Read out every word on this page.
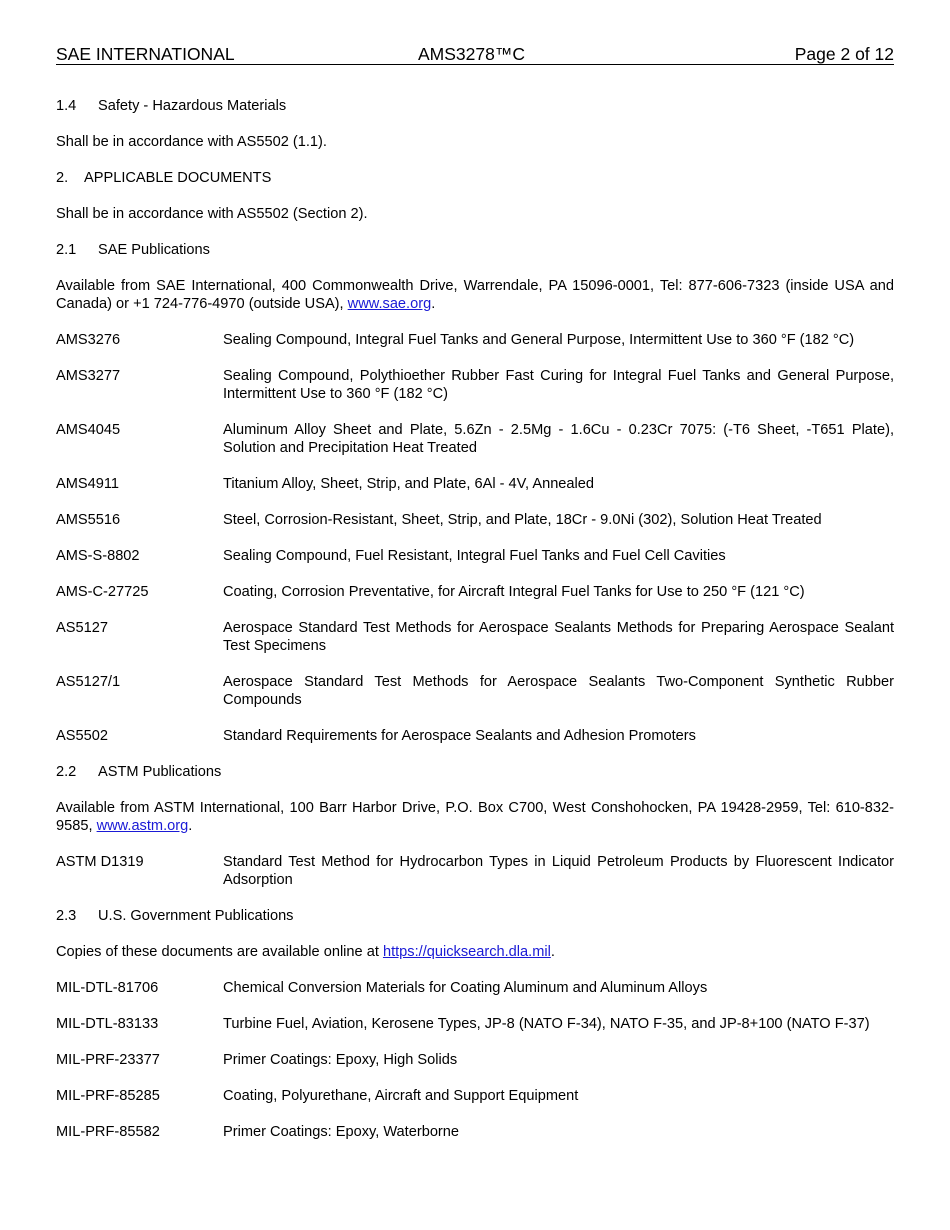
SAE INTERNATIONAL	AMS3278™C	Page 2 of 12

1.4 Safety - Hazardous Materials

Shall be in accordance with AS5502 (1.1).

2. APPLICABLE DOCUMENTS

Shall be in accordance with AS5502 (Section 2).

2.1 SAE Publications

Available from SAE International, 400 Commonwealth Drive, Warrendale, PA 15096-0001, Tel: 877-606-7323 (inside USA and Canada) or +1 724-776-4970 (outside USA), www.sae.org.

AMS3276	Sealing Compound, Integral Fuel Tanks and General Purpose, Intermittent Use to 360 °F (182 °C)
AMS3277	Sealing Compound, Polythioether Rubber Fast Curing for Integral Fuel Tanks and General Purpose, Intermittent Use to 360 °F (182 °C)
AMS4045	Aluminum Alloy Sheet and Plate, 5.6Zn - 2.5Mg - 1.6Cu - 0.23Cr 7075: (-T6 Sheet, -T651 Plate), Solution and Precipitation Heat Treated
AMS4911	Titanium Alloy, Sheet, Strip, and Plate, 6Al - 4V, Annealed
AMS5516	Steel, Corrosion-Resistant, Sheet, Strip, and Plate, 18Cr - 9.0Ni (302), Solution Heat Treated
AMS-S-8802	Sealing Compound, Fuel Resistant, Integral Fuel Tanks and Fuel Cell Cavities
AMS-C-27725	Coating, Corrosion Preventative, for Aircraft Integral Fuel Tanks for Use to 250 °F (121 °C)
AS5127	Aerospace Standard Test Methods for Aerospace Sealants Methods for Preparing Aerospace Sealant Test Specimens
AS5127/1	Aerospace Standard Test Methods for Aerospace Sealants Two-Component Synthetic Rubber Compounds
AS5502	Standard Requirements for Aerospace Sealants and Adhesion Promoters

2.2 ASTM Publications

Available from ASTM International, 100 Barr Harbor Drive, P.O. Box C700, West Conshohocken, PA 19428-2959, Tel: 610-832-9585, www.astm.org.

ASTM D1319	Standard Test Method for Hydrocarbon Types in Liquid Petroleum Products by Fluorescent Indicator Adsorption

2.3 U.S. Government Publications

Copies of these documents are available online at https://quicksearch.dla.mil.

MIL-DTL-81706	Chemical Conversion Materials for Coating Aluminum and Aluminum Alloys
MIL-DTL-83133	Turbine Fuel, Aviation, Kerosene Types, JP-8 (NATO F-34), NATO F-35, and JP-8+100 (NATO F-37)
MIL-PRF-23377	Primer Coatings: Epoxy, High Solids
MIL-PRF-85285	Coating, Polyurethane, Aircraft and Support Equipment
MIL-PRF-85582	Primer Coatings: Epoxy, Waterborne
